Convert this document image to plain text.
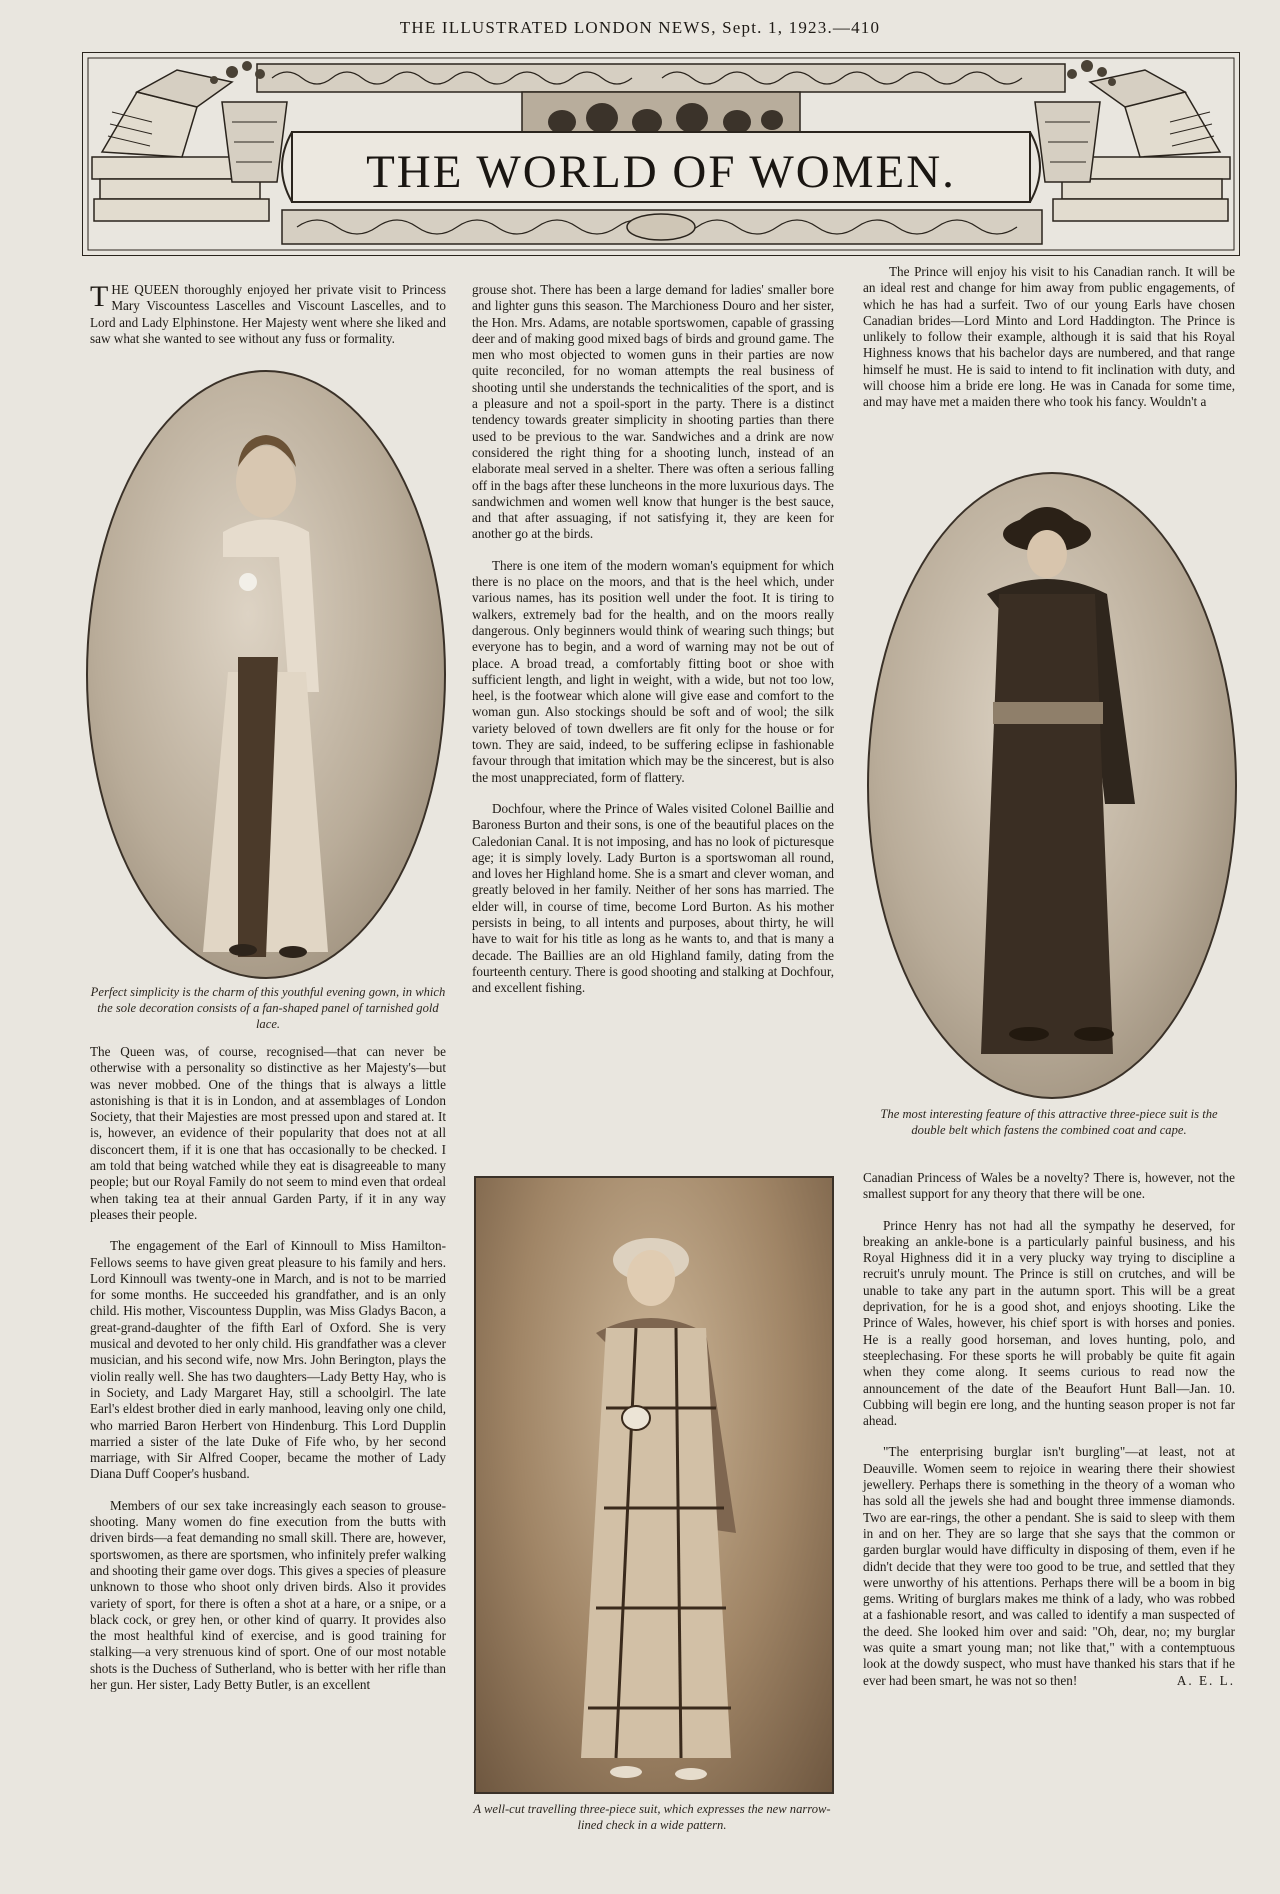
THE ILLUSTRATED LONDON NEWS, Sept. 1, 1923.—410
THE WORLD OF WOMEN.

THE QUEEN thoroughly enjoyed her private visit to Princess Mary Viscountess Lascelles and Viscount Lascelles, and to Lord and Lady Elphinstone. Her Majesty went where she liked and saw what she wanted to see without any fuss or formality.

Perfect simplicity is the charm of this youthful evening gown, in which the sole decoration consists of a fan-shaped panel of tarnished gold lace.

The Queen was, of course, recognised—that can never be otherwise with a personality so distinctive as her Majesty's—but was never mobbed. One of the things that is always a little astonishing is that it is in London, and at assemblages of London Society, that their Majesties are most pressed upon and stared at. It is, however, an evidence of their popularity that does not at all disconcert them, if it is one that has occasionally to be checked. I am told that being watched while they eat is disagreeable to many people; but our Royal Family do not seem to mind even that ordeal when taking tea at their annual Garden Party, if it in any way pleases their people.

The engagement of the Earl of Kinnoull to Miss Hamilton-Fellows seems to have given great pleasure to his family and hers. Lord Kinnoull was twenty-one in March, and is not to be married for some months. He succeeded his grandfather, and is an only child. His mother, Viscountess Dupplin, was Miss Gladys Bacon, a great-grand-daughter of the fifth Earl of Oxford. She is very musical and devoted to her only child. His grandfather was a clever musician, and his second wife, now Mrs. John Berington, plays the violin really well. She has two daughters—Lady Betty Hay, who is in Society, and Lady Margaret Hay, still a schoolgirl. The late Earl's eldest brother died in early manhood, leaving only one child, who married Baron Herbert von Hindenburg. This Lord Dupplin married a sister of the late Duke of Fife who, by her second marriage, with Sir Alfred Cooper, became the mother of Lady Diana Duff Cooper's husband.

Members of our sex take increasingly each season to grouse-shooting. Many women do fine execution from the butts with driven birds—a feat demanding no small skill. There are, however, sportswomen, as there are sportsmen, who infinitely prefer walking and shooting their game over dogs. This gives a species of pleasure unknown to those who shoot only driven birds. Also it provides variety of sport, for there is often a shot at a hare, or a snipe, or a black cock, or grey hen, or other kind of quarry. It provides also the most healthful kind of exercise, and is good training for stalking—a very strenuous kind of sport. One of our most notable shots is the Duchess of Sutherland, who is better with her rifle than her gun. Her sister, Lady Betty Butler, is an excellent

grouse shot. There has been a large demand for ladies' smaller bore and lighter guns this season. The Marchioness Douro and her sister, the Hon. Mrs. Adams, are notable sportswomen, capable of grassing deer and of making good mixed bags of birds and ground game. The men who most objected to women guns in their parties are now quite reconciled, for no woman attempts the real business of shooting until she understands the technicalities of the sport, and is a pleasure and not a spoil-sport in the party. There is a distinct tendency towards greater simplicity in shooting parties than there used to be previous to the war. Sandwiches and a drink are now considered the right thing for a shooting lunch, instead of an elaborate meal served in a shelter. There was often a serious falling off in the bags after these luncheons in the more luxurious days. The sandwichmen and women well know that hunger is the best sauce, and that after assuaging, if not satisfying it, they are keen for another go at the birds.

There is one item of the modern woman's equipment for which there is no place on the moors, and that is the heel which, under various names, has its position well under the foot. It is tiring to walkers, extremely bad for the health, and on the moors really dangerous. Only beginners would think of wearing such things; but everyone has to begin, and a word of warning may not be out of place. A broad tread, a comfortably fitting boot or shoe with sufficient length, and light in weight, with a wide, but not too low, heel, is the footwear which alone will give ease and comfort to the woman gun. Also stockings should be soft and of wool; the silk variety beloved of town dwellers are fit only for the house or for town. They are said, indeed, to be suffering eclipse in fashionable favour through that imitation which may be the sincerest, but is also the most unappreciated, form of flattery.

Dochfour, where the Prince of Wales visited Colonel Baillie and Baroness Burton and their sons, is one of the beautiful places on the Caledonian Canal. It is not imposing, and has no look of picturesque age; it is simply lovely. Lady Burton is a sportswoman all round, and loves her Highland home. She is a smart and clever woman, and greatly beloved in her family. Neither of her sons has married. The elder will, in course of time, become Lord Burton. As his mother persists in being, to all intents and purposes, about thirty, he will have to wait for his title as long as he wants to, and that is many a decade. The Baillies are an old Highland family, dating from the fourteenth century. There is good shooting and stalking at Dochfour, and excellent fishing.

A well-cut travelling three-piece suit, which expresses the new narrow-lined check in a wide pattern.

The Prince will enjoy his visit to his Canadian ranch. It will be an ideal rest and change for him away from public engagements, of which he has had a surfeit. Two of our young Earls have chosen Canadian brides—Lord Minto and Lord Haddington. The Prince is unlikely to follow their example, although it is said that his Royal Highness knows that his bachelor days are numbered, and that range himself he must. He is said to intend to fit inclination with duty, and will choose him a bride ere long. He was in Canada for some time, and may have met a maiden there who took his fancy. Wouldn't a

The most interesting feature of this attractive three-piece suit is the double belt which fastens the combined coat and cape.

Canadian Princess of Wales be a novelty? There is, however, not the smallest support for any theory that there will be one.

Prince Henry has not had all the sympathy he deserved, for breaking an ankle-bone is a particularly painful business, and his Royal Highness did it in a very plucky way trying to discipline a recruit's unruly mount. The Prince is still on crutches, and will be unable to take any part in the autumn sport. This will be a great deprivation, for he is a good shot, and enjoys shooting. Like the Prince of Wales, however, his chief sport is with horses and ponies. He is a really good horseman, and loves hunting, polo, and steeplechasing. For these sports he will probably be quite fit again when they come along. It seems curious to read now the announcement of the date of the Beaufort Hunt Ball—Jan. 10. Cubbing will begin ere long, and the hunting season proper is not far ahead.

"The enterprising burglar isn't burgling"—at least, not at Deauville. Women seem to rejoice in wearing there their showiest jewellery. Perhaps there is something in the theory of a woman who has sold all the jewels she had and bought three immense diamonds. Two are ear-rings, the other a pendant. She is said to sleep with them in and on her. They are so large that she says that the common or garden burglar would have difficulty in disposing of them, even if he didn't decide that they were too good to be true, and settled that they were unworthy of his attentions. Perhaps there will be a boom in big gems. Writing of burglars makes me think of a lady, who was robbed at a fashionable resort, and was called to identify a man suspected of the deed. She looked him over and said: "Oh, dear, no; my burglar was quite a smart young man; not like that," with a contemptuous look at the dowdy suspect, who must have thanked his stars that if he ever had been smart, he was not so then!	A. E. L.
